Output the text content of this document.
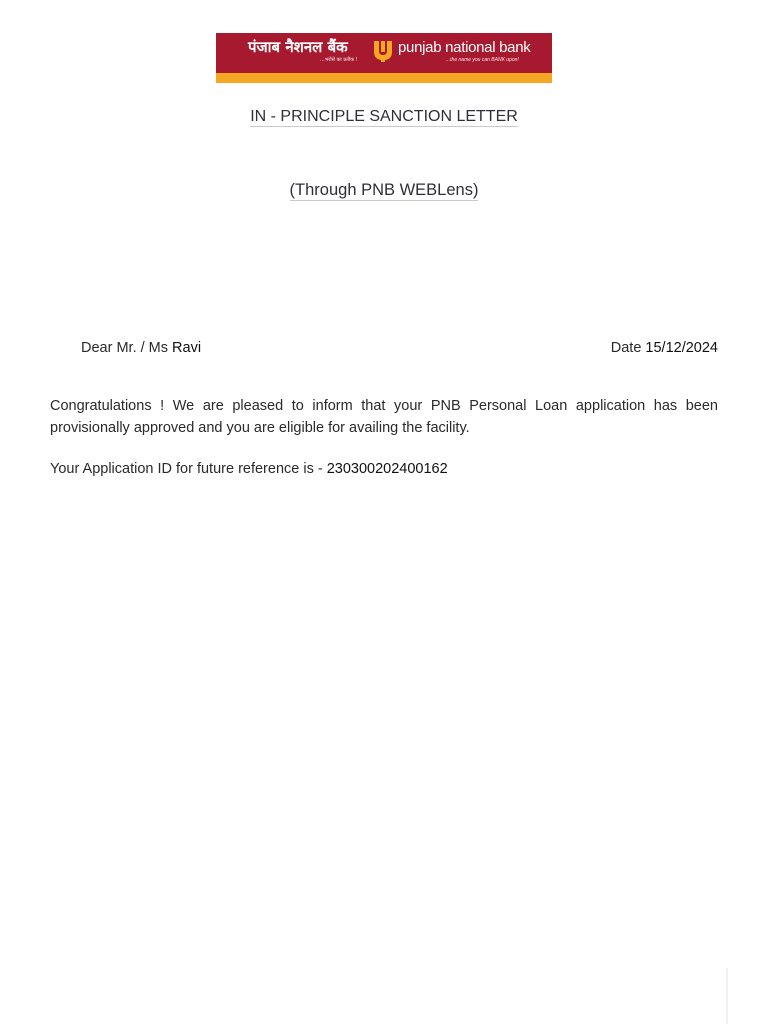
पंजाब नैशनल बैंक
...भरोसे का प्रतीक !
punjab national bank
...the name you can BANK upon!
IN - PRINCIPLE SANCTION LETTER
(Through PNB WEBLens)
Dear Mr. / Ms Ravi	Date 15/12/2024
Congratulations ! We are pleased to inform that your PNB Personal Loan application has been provisionally approved and you are eligible for availing the facility.
Your Application ID for future reference is - 230300202400162
